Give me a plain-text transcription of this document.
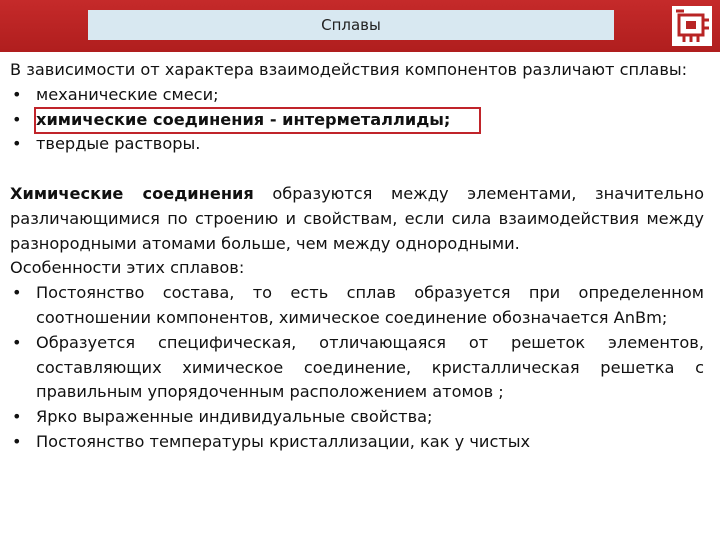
Сплавы

В зависимости от характера взаимодействия компонентов различают сплавы:

• механические смеси;
• химические соединения - интерметаллиды;
• твердые растворы.

Химические соединения образуются между элементами, значительно различающимися по строению и свойствам, если сила взаимодействия между разнородными атомами больше, чем между однородными.

Особенности этих сплавов:

• Постоянство состава, то есть сплав образуется при определенном соотношении компонентов, химическое соединение обозначается AnBm;
• Образуется специфическая, отличающаяся от решеток элементов, составляющих химическое соединение, кристаллическая решетка с правильным упорядоченным расположением атомов ;
• Ярко выраженные индивидуальные свойства;
• Постоянство температуры кристаллизации, как у чистых
